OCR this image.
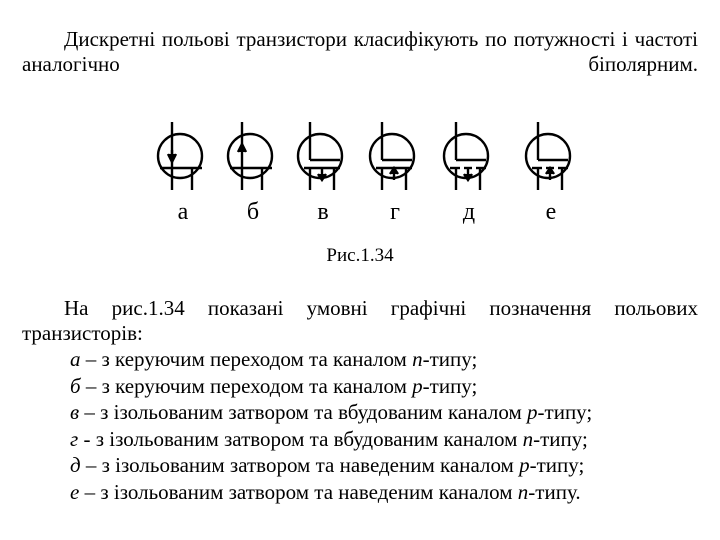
Дискретні польові транзистори класифікують по потужності і частоті аналогічно біполярним.

а	б	в	г	д	е
Рис.1.34

На рис.1.34 показані умовні графічні позначення польових
транзисторів:

а – з керуючим переходом та каналом n-типу;
б – з керуючим переходом та каналом p-типу;
в – з ізольованим затвором та вбудованим каналом p-типу;
г - з ізольованим затвором та вбудованим каналом n-типу;
д – з ізольованим затвором та наведеним каналом p-типу;
е – з ізольованим затвором та наведеним каналом n-типу.
